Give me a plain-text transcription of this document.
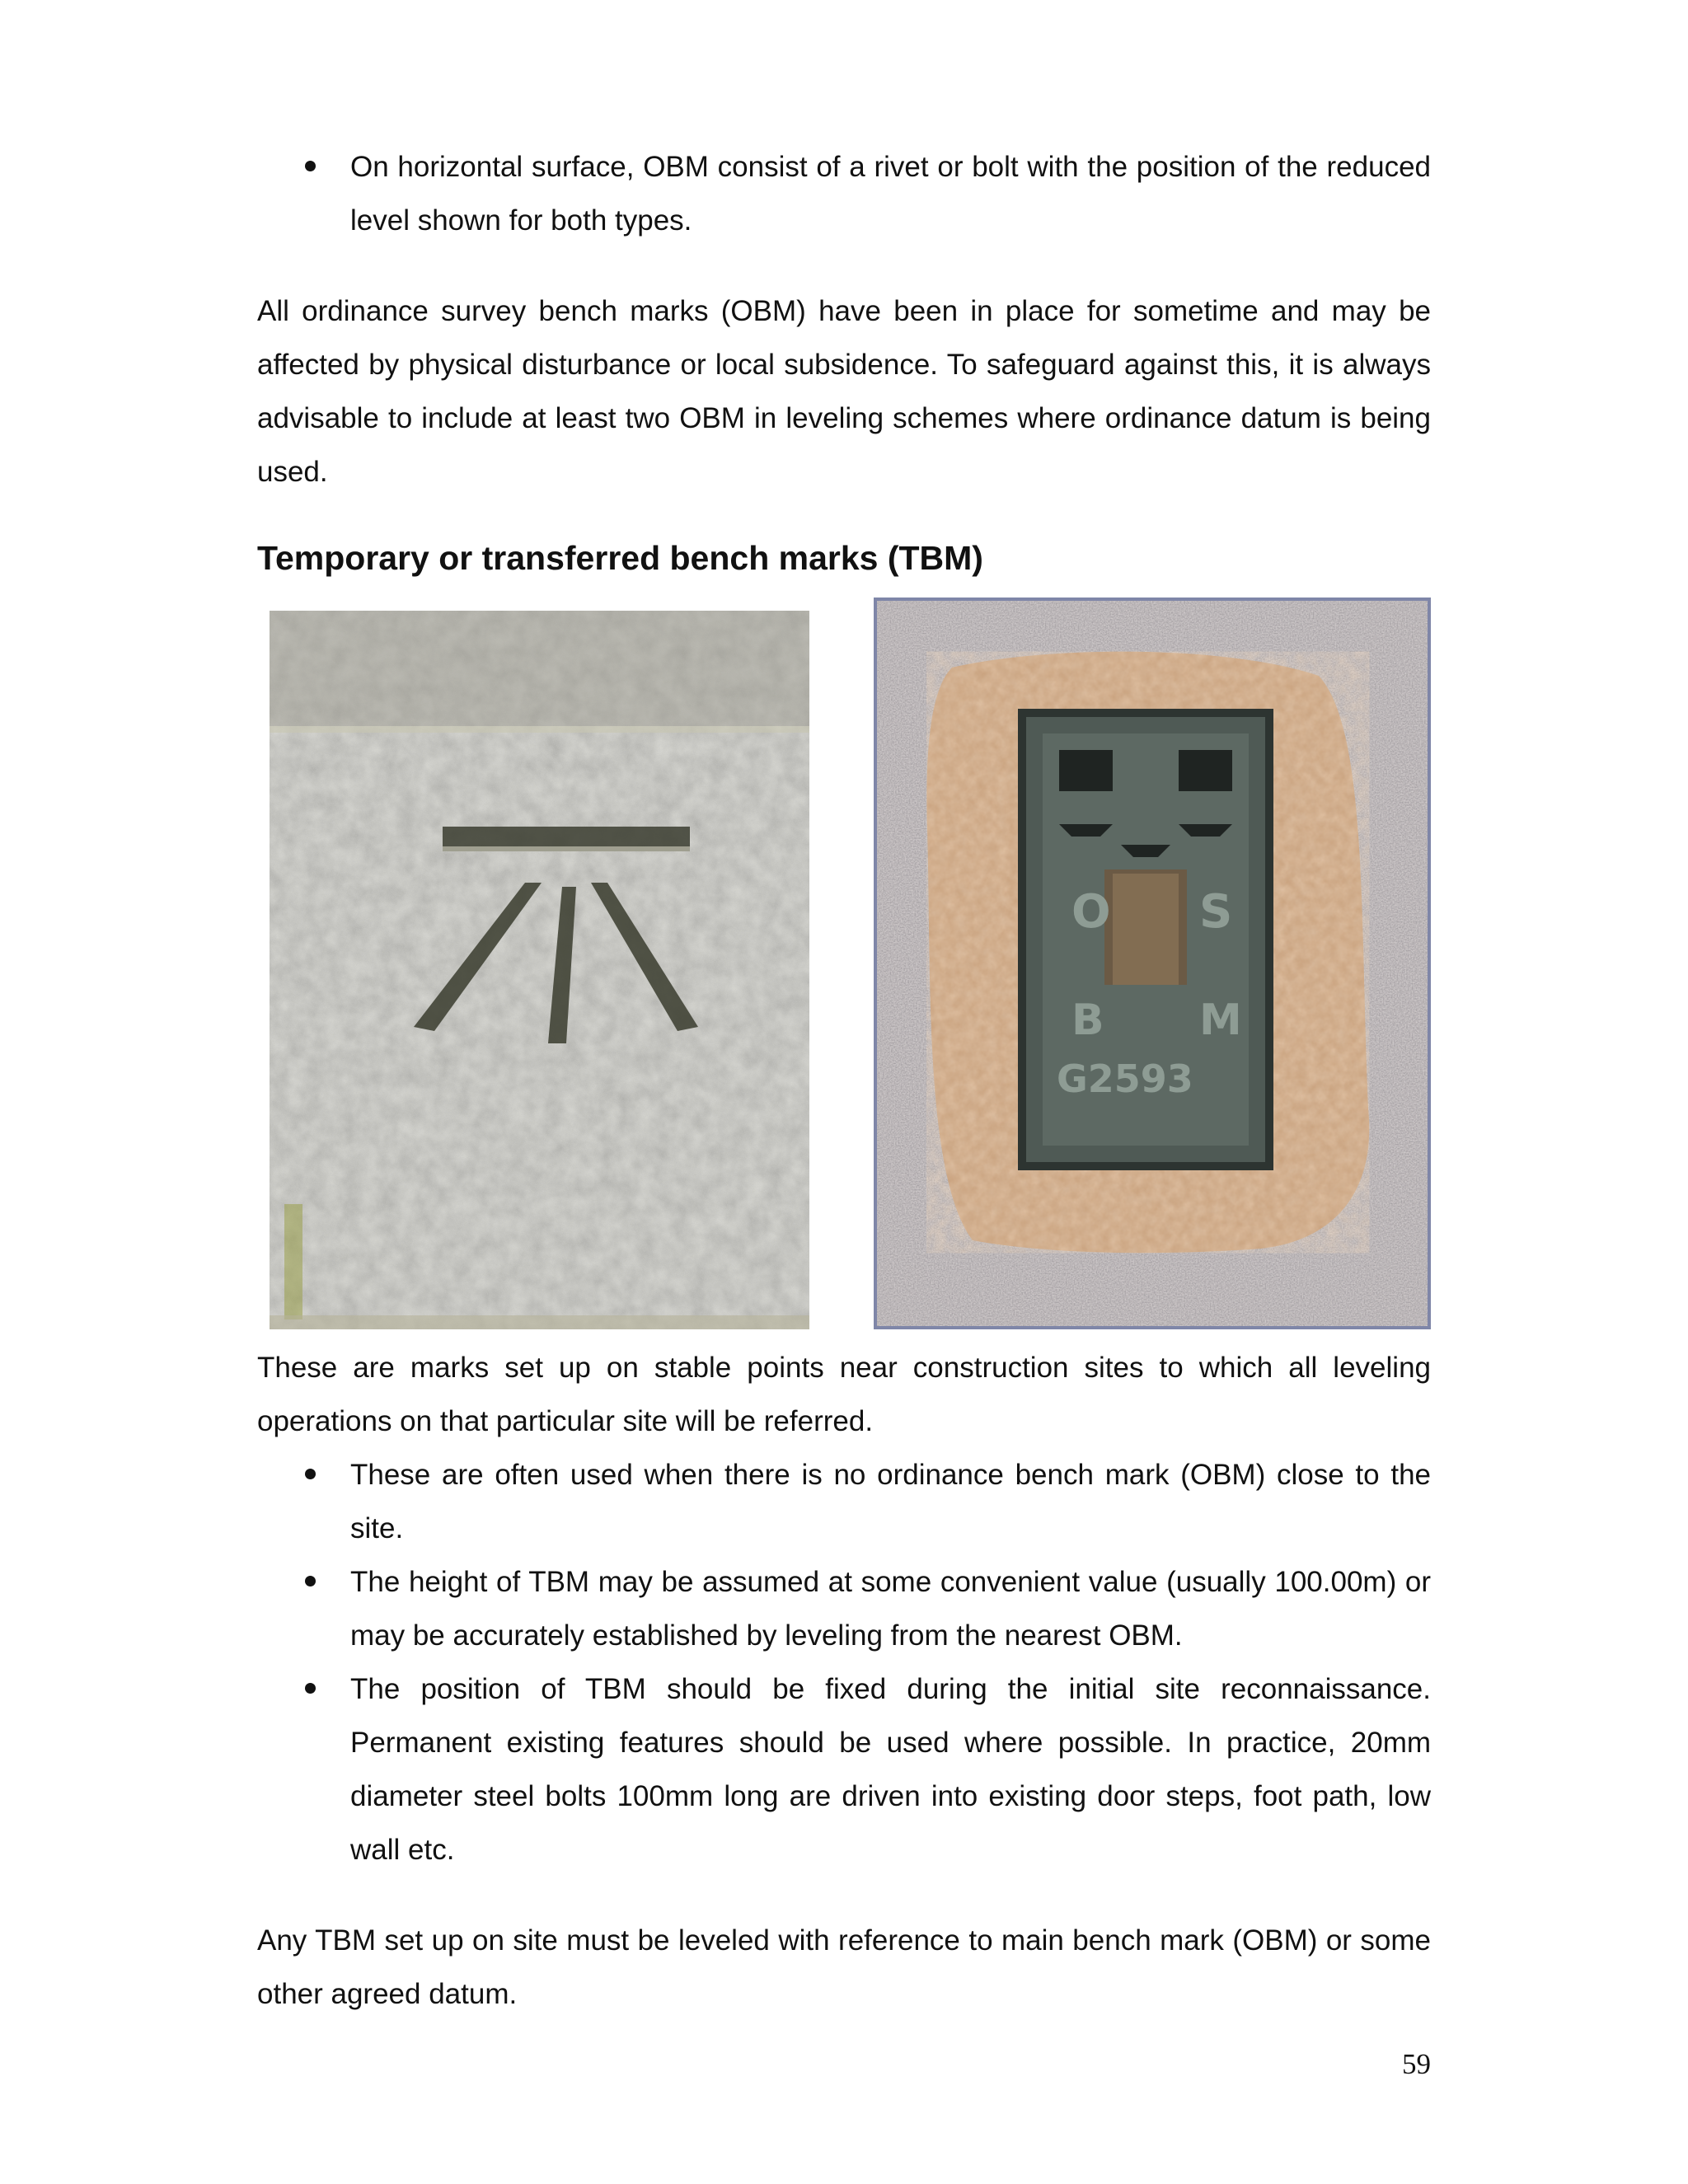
On horizontal surface, OBM consist of a rivet or bolt with the position of the reduced level shown for both types.

All ordinance survey bench marks (OBM) have been in place for sometime and may be affected by physical disturbance or local subsidence. To safeguard against this, it is always advisable to include at least two OBM in leveling schemes where ordinance datum is being used.

Temporary or transferred bench marks (TBM)
O S
B M
G2593

These are marks set up on stable points near construction sites to which all leveling operations on that particular site will be referred.

These are often used when there is no ordinance bench mark (OBM) close to the site.
The height of TBM may be assumed at some convenient value (usually 100.00m) or may be accurately established by leveling from the nearest OBM.
The position of TBM should be fixed during the initial site reconnaissance. Permanent existing features should be used where possible. In practice, 20mm diameter steel bolts 100mm long are driven into existing door steps, foot path, low wall etc.

Any TBM set up on site must be leveled with reference to main bench mark (OBM) or some other agreed datum.

59
